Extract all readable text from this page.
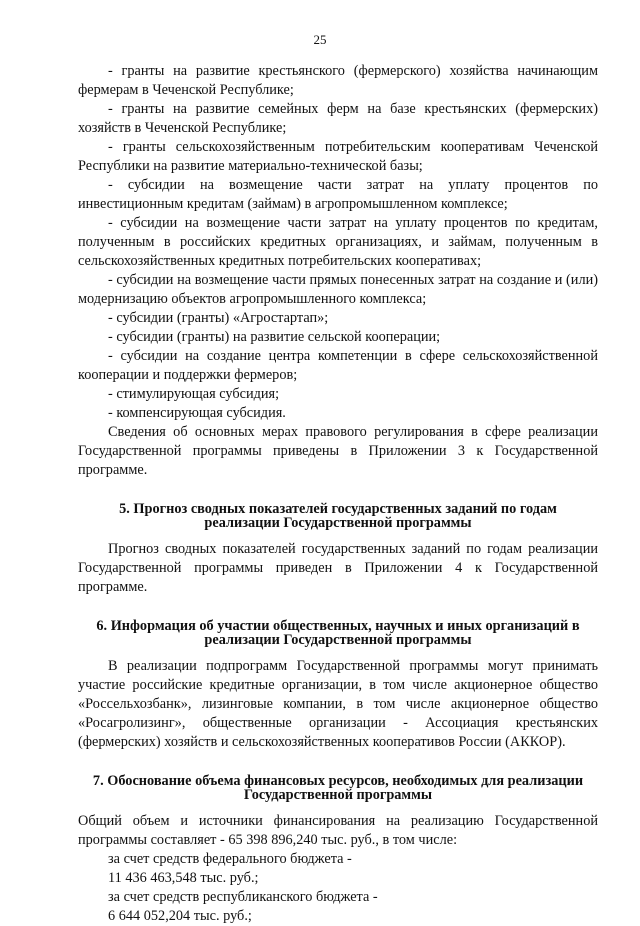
25

- гранты на развитие крестьянского (фермерского) хозяйства начинающим фермерам в Чеченской Республике;

- гранты на развитие семейных ферм на базе крестьянских (фермерских) хозяйств в Чеченской Республике;

- гранты сельскохозяйственным потребительским кооперативам Чеченской Республики на развитие материально-технической базы;

- субсидии на возмещение части затрат на уплату процентов по инвестиционным кредитам (займам) в агропромышленном комплексе;

- субсидии на возмещение части затрат на уплату процентов по кредитам, полученным в российских кредитных организациях, и займам, полученным в сельскохозяйственных кредитных потребительских кооперативах;

- субсидии на возмещение части прямых понесенных затрат на создание и (или) модернизацию объектов агропромышленного комплекса;

- субсидии (гранты) «Агростартап»;

- субсидии (гранты) на развитие сельской кооперации;

- субсидии на создание центра компетенции в сфере сельскохозяйственной кооперации и поддержки фермеров;

- стимулирующая субсидия;

- компенсирующая субсидия.

Сведения об основных мерах правового регулирования в сфере реализации Государственной программы приведены в Приложении 3 к Государственной программе.

5. Прогноз сводных показателей государственных заданий по годам реализации Государственной программы

Прогноз сводных показателей государственных заданий по годам реализации Государственной программы приведен в Приложении 4 к Государственной программе.

6. Информация об участии общественных, научных и иных организаций в реализации Государственной программы

В реализации подпрограмм Государственной программы могут принимать участие российские кредитные организации, в том числе акционерное общество «Россельхозбанк», лизинговые компании, в том числе акционерное общество «Росагролизинг», общественные организации - Ассоциация крестьянских (фермерских) хозяйств и сельскохозяйственных кооперативов России (АККОР).

7. Обоснование объема финансовых ресурсов, необходимых для реализации Государственной программы

Общий объем и источники финансирования на реализацию Государственной программы составляет - 65 398 896,240 тыс. руб., в том числе:

за счет средств федерального бюджета -

11 436 463,548 тыс. руб.;

за счет средств республиканского бюджета -

6 644 052,204 тыс. руб.;
